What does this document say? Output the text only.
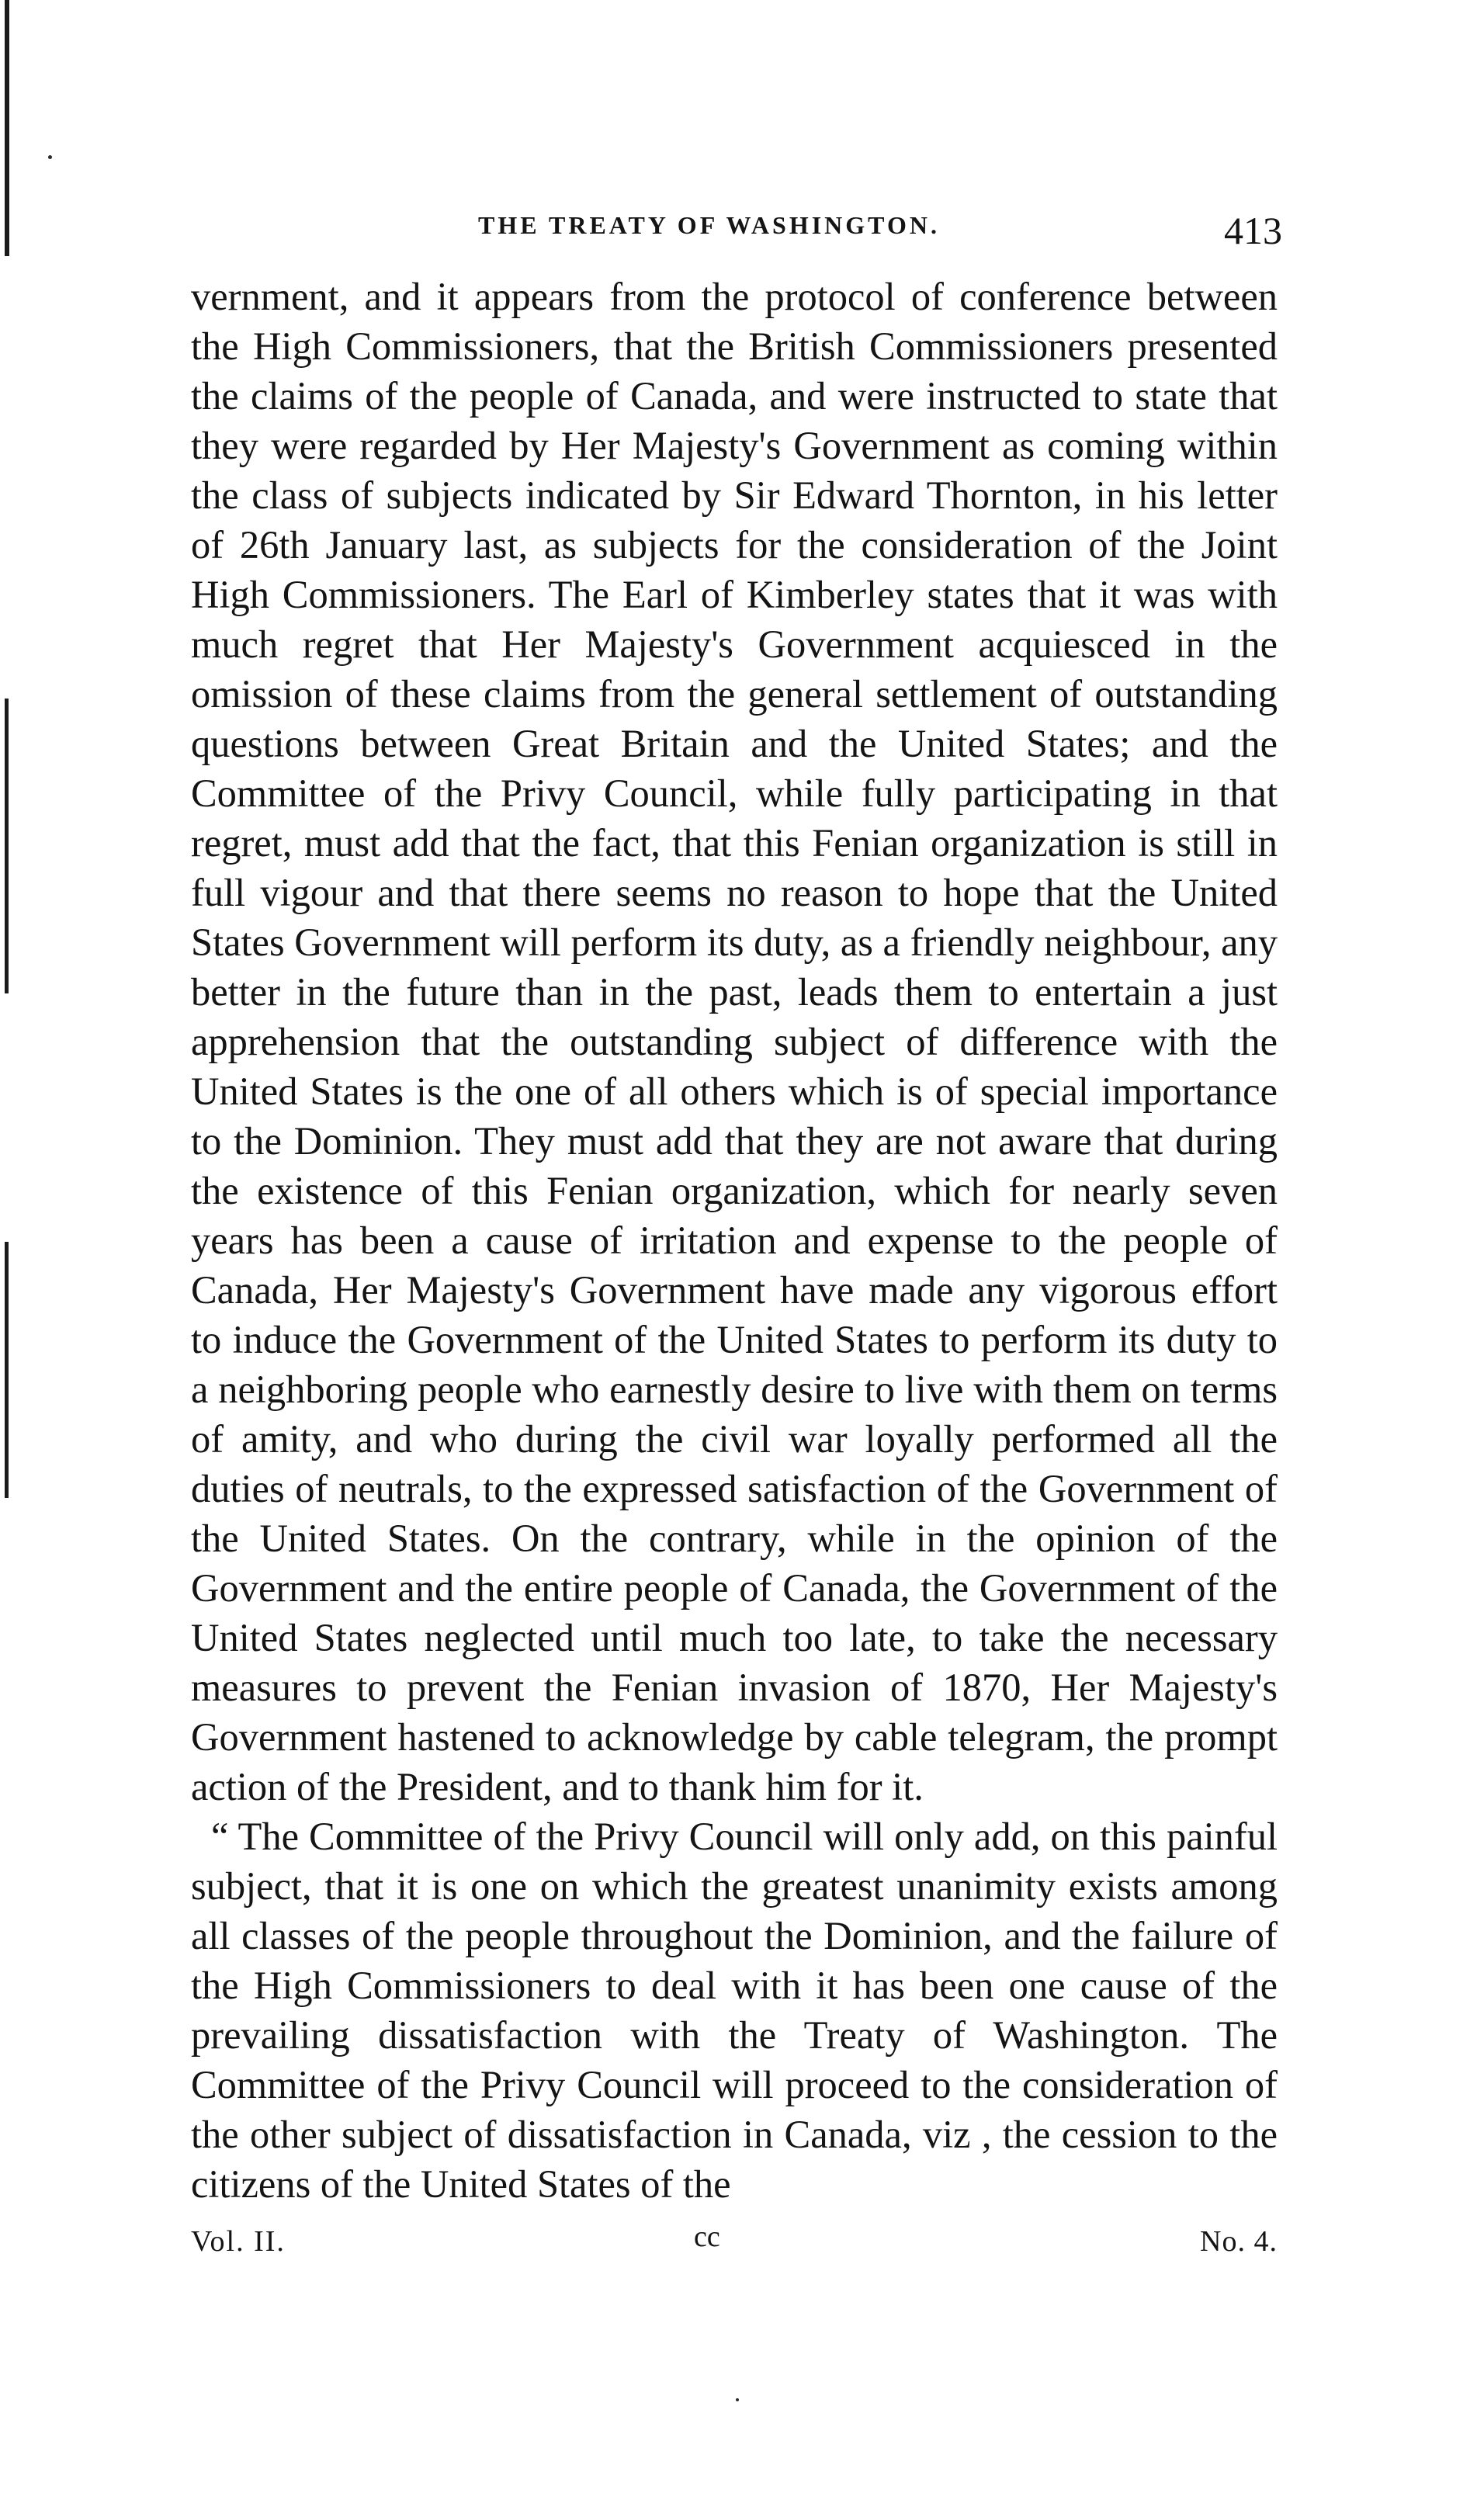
THE TREATY OF WASHINGTON.	413

vernment, and it appears from the protocol of conference between the High Commissioners, that the British Commissioners presented the claims of the people of Canada, and were instructed to state that they were regarded by Her Majesty's Government as coming within the class of subjects indicated by Sir Edward Thornton, in his letter of 26th January last, as subjects for the consideration of the Joint High Commissioners. The Earl of Kimberley states that it was with much regret that Her Majesty's Government acquiesced in the omission of these claims from the general settlement of outstanding questions between Great Britain and the United States; and the Committee of the Privy Council, while fully participating in that regret, must add that the fact, that this Fenian organization is still in full vigour and that there seems no reason to hope that the United States Government will perform its duty, as a friendly neighbour, any better in the future than in the past, leads them to entertain a just apprehension that the outstanding subject of difference with the United States is the one of all others which is of special importance to the Dominion. They must add that they are not aware that during the existence of this Fenian organization, which for nearly seven years has been a cause of irritation and expense to the people of Canada, Her Majesty's Government have made any vigorous effort to induce the Government of the United States to perform its duty to a neighboring people who earnestly desire to live with them on terms of amity, and who during the civil war loyally performed all the duties of neutrals, to the expressed satisfaction of the Government of the United States. On the contrary, while in the opinion of the Government and the entire people of Canada, the Government of the United States neglected until much too late, to take the necessary measures to prevent the Fenian invasion of 1870, Her Majesty's Government hastened to acknowledge by cable telegram, the prompt action of the President, and to thank him for it.

“ The Committee of the Privy Council will only add, on this painful subject, that it is one on which the greatest unanimity exists among all classes of the people throughout the Dominion, and the failure of the High Commissioners to deal with it has been one cause of the prevailing dissatisfaction with the Treaty of Washington. The Committee of the Privy Council will proceed to the consideration of the other subject of dissatisfaction in Canada, viz , the cession to the citizens of the United States of the

Vol. II.	cc	No. 4.
